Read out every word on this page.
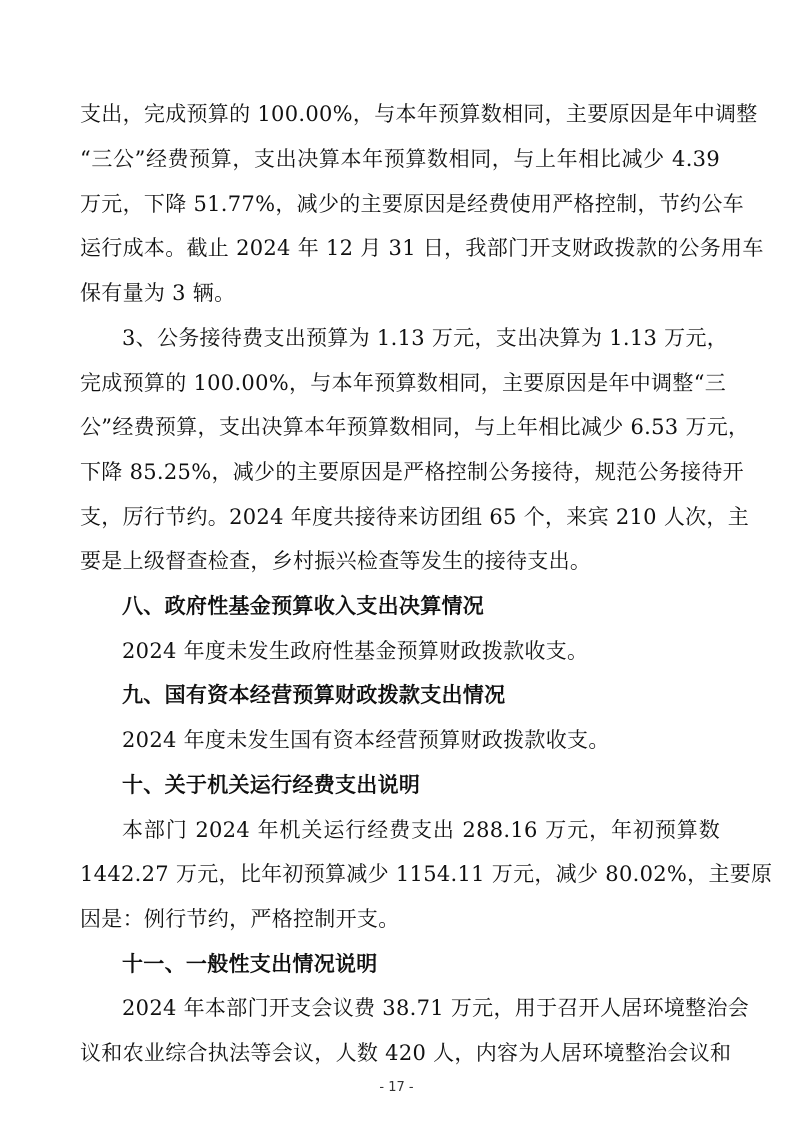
支出，完成预算的 100.00%，与本年预算数相同，主要原因是年中调整
“三公”经费预算，支出决算本年预算数相同，与上年相比减少 4.39
万元，下降 51.77%，减少的主要原因是经费使用严格控制，节约公车
运行成本。截止 2024 年 12 月 31 日，我部门开支财政拨款的公务用车
保有量为 3 辆。
3、公务接待费支出预算为 1.13 万元，支出决算为 1.13 万元，
完成预算的 100.00%，与本年预算数相同，主要原因是年中调整“三
公”经费预算，支出决算本年预算数相同，与上年相比减少 6.53 万元，
下降 85.25%，减少的主要原因是严格控制公务接待，规范公务接待开
支，厉行节约。2024 年度共接待来访团组 65 个，来宾 210 人次，主
要是上级督查检查，乡村振兴检查等发生的接待支出。
八、政府性基金预算收入支出决算情况
2024 年度未发生政府性基金预算财政拨款收支。
九、国有资本经营预算财政拨款支出情况
2024 年度未发生国有资本经营预算财政拨款收支。
十、关于机关运行经费支出说明
本部门 2024 年机关运行经费支出 288.16 万元，年初预算数
1442.27 万元，比年初预算减少 1154.11 万元，减少 80.02%，主要原
因是：例行节约，严格控制开支。
十一、一般性支出情况说明
2024 年本部门开支会议费 38.71 万元，用于召开人居环境整治会
议和农业综合执法等会议，人数 420 人，内容为人居环境整治会议和
- 17 -
